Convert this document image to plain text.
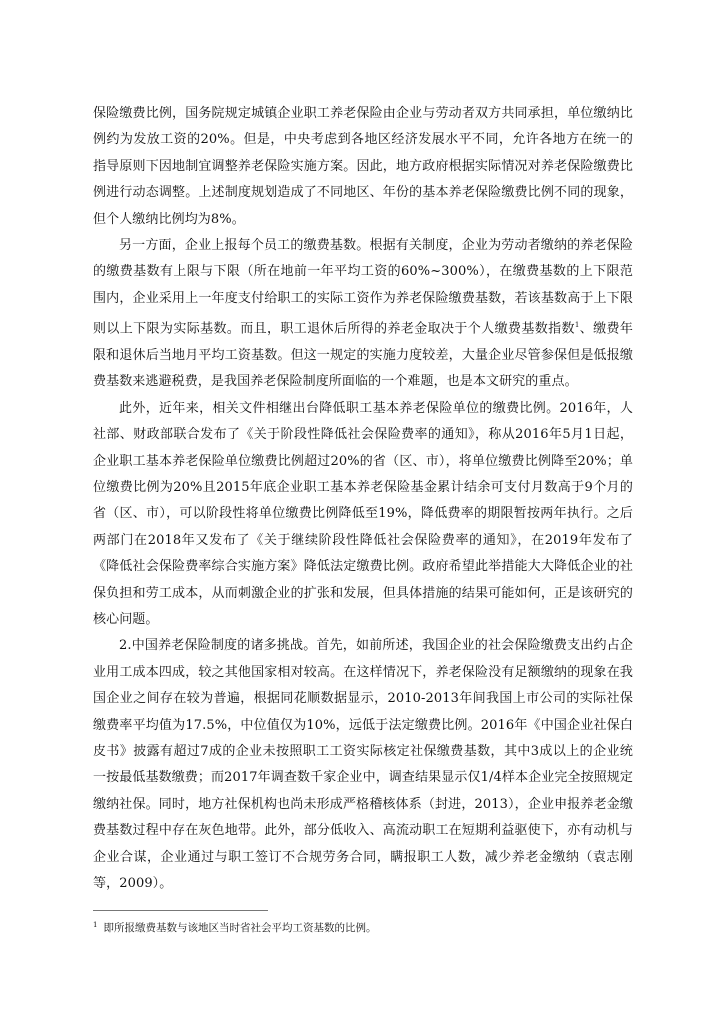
保险缴费比例，国务院规定城镇企业职工养老保险由企业与劳动者双方共同承担，单位缴纳比例约为发放工资的20%。但是，中央考虑到各地区经济发展水平不同，允许各地方在统一的指导原则下因地制宜调整养老保险实施方案。因此，地方政府根据实际情况对养老保险缴费比例进行动态调整。上述制度规划造成了不同地区、年份的基本养老保险缴费比例不同的现象，但个人缴纳比例均为8%。

另一方面，企业上报每个员工的缴费基数。根据有关制度，企业为劳动者缴纳的养老保险的缴费基数有上限与下限（所在地前一年平均工资的60%~300%），在缴费基数的上下限范围内，企业采用上一年度支付给职工的实际工资作为养老保险缴费基数，若该基数高于上下限则以上下限为实际基数。而且，职工退休后所得的养老金取决于个人缴费基数指数$^1$、缴费年限和退休后当地月平均工资基数。但这一规定的实施力度较差，大量企业尽管参保但是低报缴费基数来逃避税费，是我国养老保险制度所面临的一个难题，也是本文研究的重点。

此外，近年来，相关文件相继出台降低职工基本养老保险单位的缴费比例。2016年，人社部、财政部联合发布了《关于阶段性降低社会保险费率的通知》，称从2016年5月1日起，企业职工基本养老保险单位缴费比例超过20%的省（区、市），将单位缴费比例降至20%；单位缴费比例为20%且2015年底企业职工基本养老保险基金累计结余可支付月数高于9个月的省（区、市），可以阶段性将单位缴费比例降低至19%，降低费率的期限暂按两年执行。之后两部门在2018年又发布了《关于继续阶段性降低社会保险费率的通知》，在2019年发布了《降低社会保险费率综合实施方案》降低法定缴费比例。政府希望此举措能大大降低企业的社保负担和劳工成本，从而刺激企业的扩张和发展，但具体措施的结果可能如何，正是该研究的核心问题。

2.中国养老保险制度的诸多挑战。首先，如前所述，我国企业的社会保险缴费支出约占企业用工成本四成，较之其他国家相对较高。在这样情况下，养老保险没有足额缴纳的现象在我国企业之间存在较为普遍，根据同花顺数据显示，2010-2013年间我国上市公司的实际社保缴费率平均值为17.5%，中位值仅为10%，远低于法定缴费比例。2016年《中国企业社保白皮书》披露有超过7成的企业未按照职工工资实际核定社保缴费基数，其中3成以上的企业统一按最低基数缴费；而2017年调查数千家企业中，调查结果显示仅1/4样本企业完全按照规定缴纳社保。同时，地方社保机构也尚未形成严格稽核体系（封进，2013），企业申报养老金缴费基数过程中存在灰色地带。此外，部分低收入、高流动职工在短期利益驱使下，亦有动机与企业合谋，企业通过与职工签订不合规劳务合同，瞒报职工人数，减少养老金缴纳（袁志刚等，2009）。

$^1$ 即所报缴费基数与该地区当时省社会平均工资基数的比例。
